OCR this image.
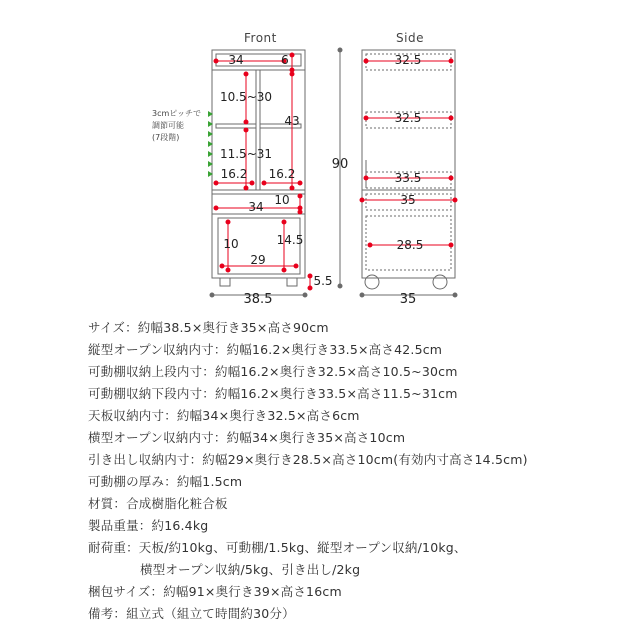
34	6
10.5~30
43
11.5~31
16.2 16.2
10
34
10	14.5
29
5.5
38.5
90
32.5
32.5
33.5
35
28.5
35
Front	Side
3cmピッチで
調節可能
(7段階)
サイズ：約幅38.5×奥行き35×高さ90cm
縦型オープン収納内寸：約幅16.2×奥行き33.5×高さ42.5cm
可動棚収納上段内寸：約幅16.2×奥行き32.5×高さ10.5~30cm
可動棚収納下段内寸：約幅16.2×奥行き33.5×高さ11.5~31cm
天板収納内寸：約幅34×奥行き32.5×高さ6cm
横型オープン収納内寸：約幅34×奥行き35×高さ10cm
引き出し収納内寸：約幅29×奥行き28.5×高さ10cm(有効内寸高さ14.5cm)
可動棚の厚み：約幅1.5cm
材質：合成樹脂化粧合板
製品重量：約16.4kg
耐荷重：天板/約10kg、可動棚/1.5kg、縦型オープン収納/10kg、
横型オープン収納/5kg、引き出し/2kg
梱包サイズ：約幅91×奥行き39×高さ16cm
備考：組立式（組立て時間約30分）
